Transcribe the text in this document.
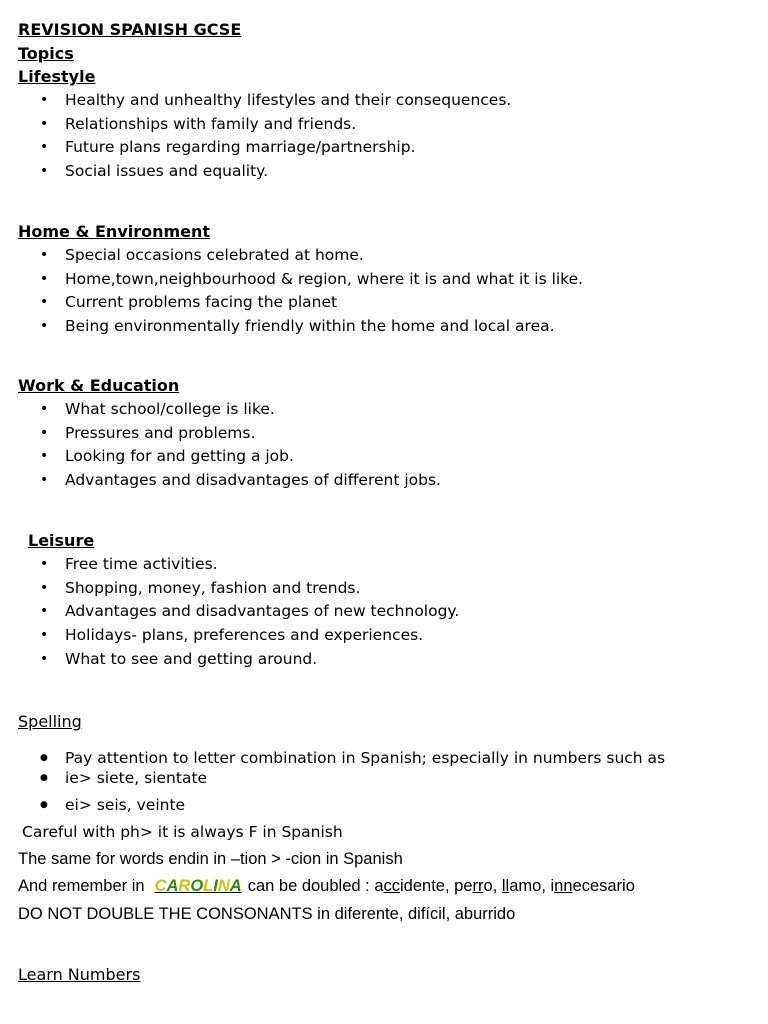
REVISION SPANISH GCSE
Topics
Lifestyle
• Healthy and unhealthy lifestyles and their consequences.
• Relationships with family and friends.
• Future plans regarding marriage/partnership.
• Social issues and equality.
Home & Environment
• Special occasions celebrated at home.
• Home,town,neighbourhood & region, where it is and what it is like.
• Current problems facing the planet
• Being environmentally friendly within the home and local area.
Work & Education
• What school/college is like.
• Pressures and problems.
• Looking for and getting a job.
• Advantages and disadvantages of different jobs.
Leisure
• Free time activities.
• Shopping, money, fashion and trends.
• Advantages and disadvantages of new technology.
• Holidays- plans, preferences and experiences.
• What to see and getting around.
Spelling
● Pay attention to letter combination in Spanish; especially in numbers such as
● ie> siete, sientate
● ei> seis, veinte
Careful with ph> it is always F in Spanish
The same for words endin in –tion > -cion in Spanish
And remember in CAROLINA can be doubled : accidente, perro, llamo, innecesario
DO NOT DOUBLE THE CONSONANTS in diferente, difícil, aburrido
Learn Numbers
